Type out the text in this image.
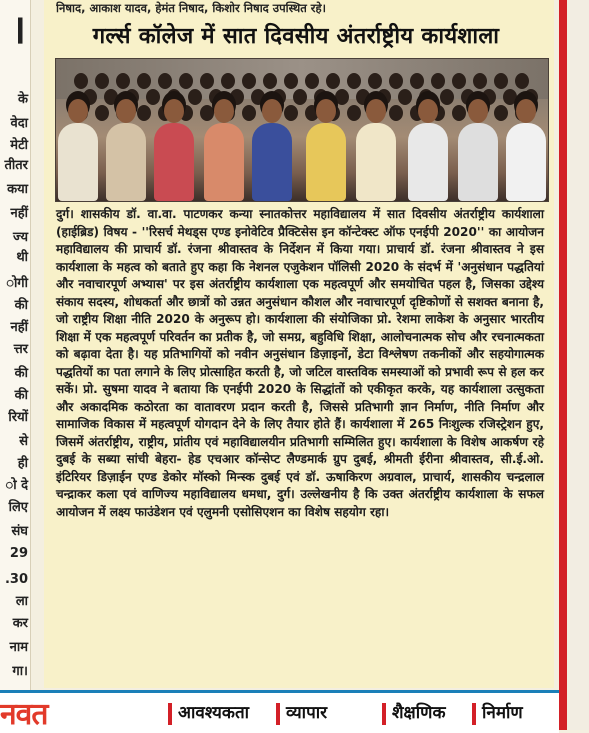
।
के
वेदा
मेटी
तीतर
कया
नहीं
ज्य
थी
ोगी
की
नहीं
त्तर
की
की
रियों
से
ही
ो दे
लिए
संघ
29
.30
ला
कर
नाम
गा।
निषाद, आकाश यादव, हेमंत निषाद, किशोर निषाद उपस्थित रहे।
गर्ल्स कॉलेज में सात दिवसीय अंतर्राष्ट्रीय कार्यशाला
दुर्ग। शासकीय डॉ. वा.वा. पाटणकर कन्या स्नातकोत्तर महाविद्यालय में सात दिवसीय अंतर्राष्ट्रीय कार्यशाला (हाईब्रिड) विषय - ''रिसर्च मेथड्स एण्ड इनोवेटिव प्रैक्टिसेस इन कॉन्टेक्स्ट ऑफ एनईपी 2020'' का आयोजन महाविद्यालय की प्राचार्य डॉ. रंजना श्रीवास्तव के निर्देशन में किया गया। प्राचार्य डॉ. रंजना श्रीवास्तव ने इस कार्यशाला के महत्व को बताते हुए कहा कि नेशनल एजुकेशन पॉलिसी 2020 के संदर्भ में 'अनुसंधान पद्धतियां और नवाचारपूर्ण अभ्यास' पर इस अंतर्राष्ट्रीय कार्यशाला एक महत्वपूर्ण और समयोचित पहल है, जिसका उद्देश्य संकाय सदस्य, शोधकर्ता और छात्रों को उन्नत अनुसंधान कौशल और नवाचारपूर्ण दृष्टिकोणों से सशक्त बनाना है, जो राष्ट्रीय शिक्षा नीति 2020 के अनुरूप हो। कार्यशाला की संयोजिका प्रो. रेशमा लाकेश के अनुसार भारतीय शिक्षा में एक महत्वपूर्ण परिवर्तन का प्रतीक है, जो समग्र, बहुविधि शिक्षा, आलोचनात्मक सोच और रचनात्मकता को बढ़ावा देता है। यह प्रतिभागियों को नवीन अनुसंधान डिज़ाइनों, डेटा विश्लेषण तकनीकों और सहयोगात्मक पद्धतियों का पता लगाने के लिए प्रोत्साहित करती है, जो जटिल वास्तविक समस्याओं को प्रभावी रूप से हल कर सकें। प्रो. सुषमा यादव ने बताया कि एनईपी 2020 के सिद्धांतों को एकीकृत करके, यह कार्यशाला उत्सुकता और अकादमिक कठोरता का वातावरण प्रदान करती है, जिससे प्रतिभागी ज्ञान निर्माण, नीति निर्माण और सामाजिक विकास में महत्वपूर्ण योगदान देने के लिए तैयार होते हैं। कार्यशाला में 265 निःशुल्क रजिस्ट्रेशन हुए, जिसमें अंतर्राष्ट्रीय, राष्ट्रीय, प्रांतीय एवं महाविद्यालयीन प्रतिभागी सम्मिलित हुए। कार्यशाला के विशेष आकर्षण रहे दुबई के सब्या सांची बेहरा- हेड एचआर कॉन्सेप्ट लैण्डमार्क ग्रुप दुबई, श्रीमती ईरीना श्रीवास्तव, सी.ई.ओ. इंटिरियर डिज़ाईन एण्ड डेकोर मॉस्को मिन्स्क दुबई एवं डॉ. ऊषाकिरण अग्रवाल, प्राचार्य, शासकीय चन्द्रलाल चन्द्राकर कला एवं वाणिज्य महाविद्यालय धमधा, दुर्ग। उल्लेखनीय है कि उक्त अंतर्राष्ट्रीय कार्यशाला के सफल आयोजन में लक्ष्य फाउंडेशन एवं एलुमनी एसोसिएशन का विशेष सहयोग रहा।
नवत	आवश्यकता व्यापार	शैक्षणिक निर्माण
